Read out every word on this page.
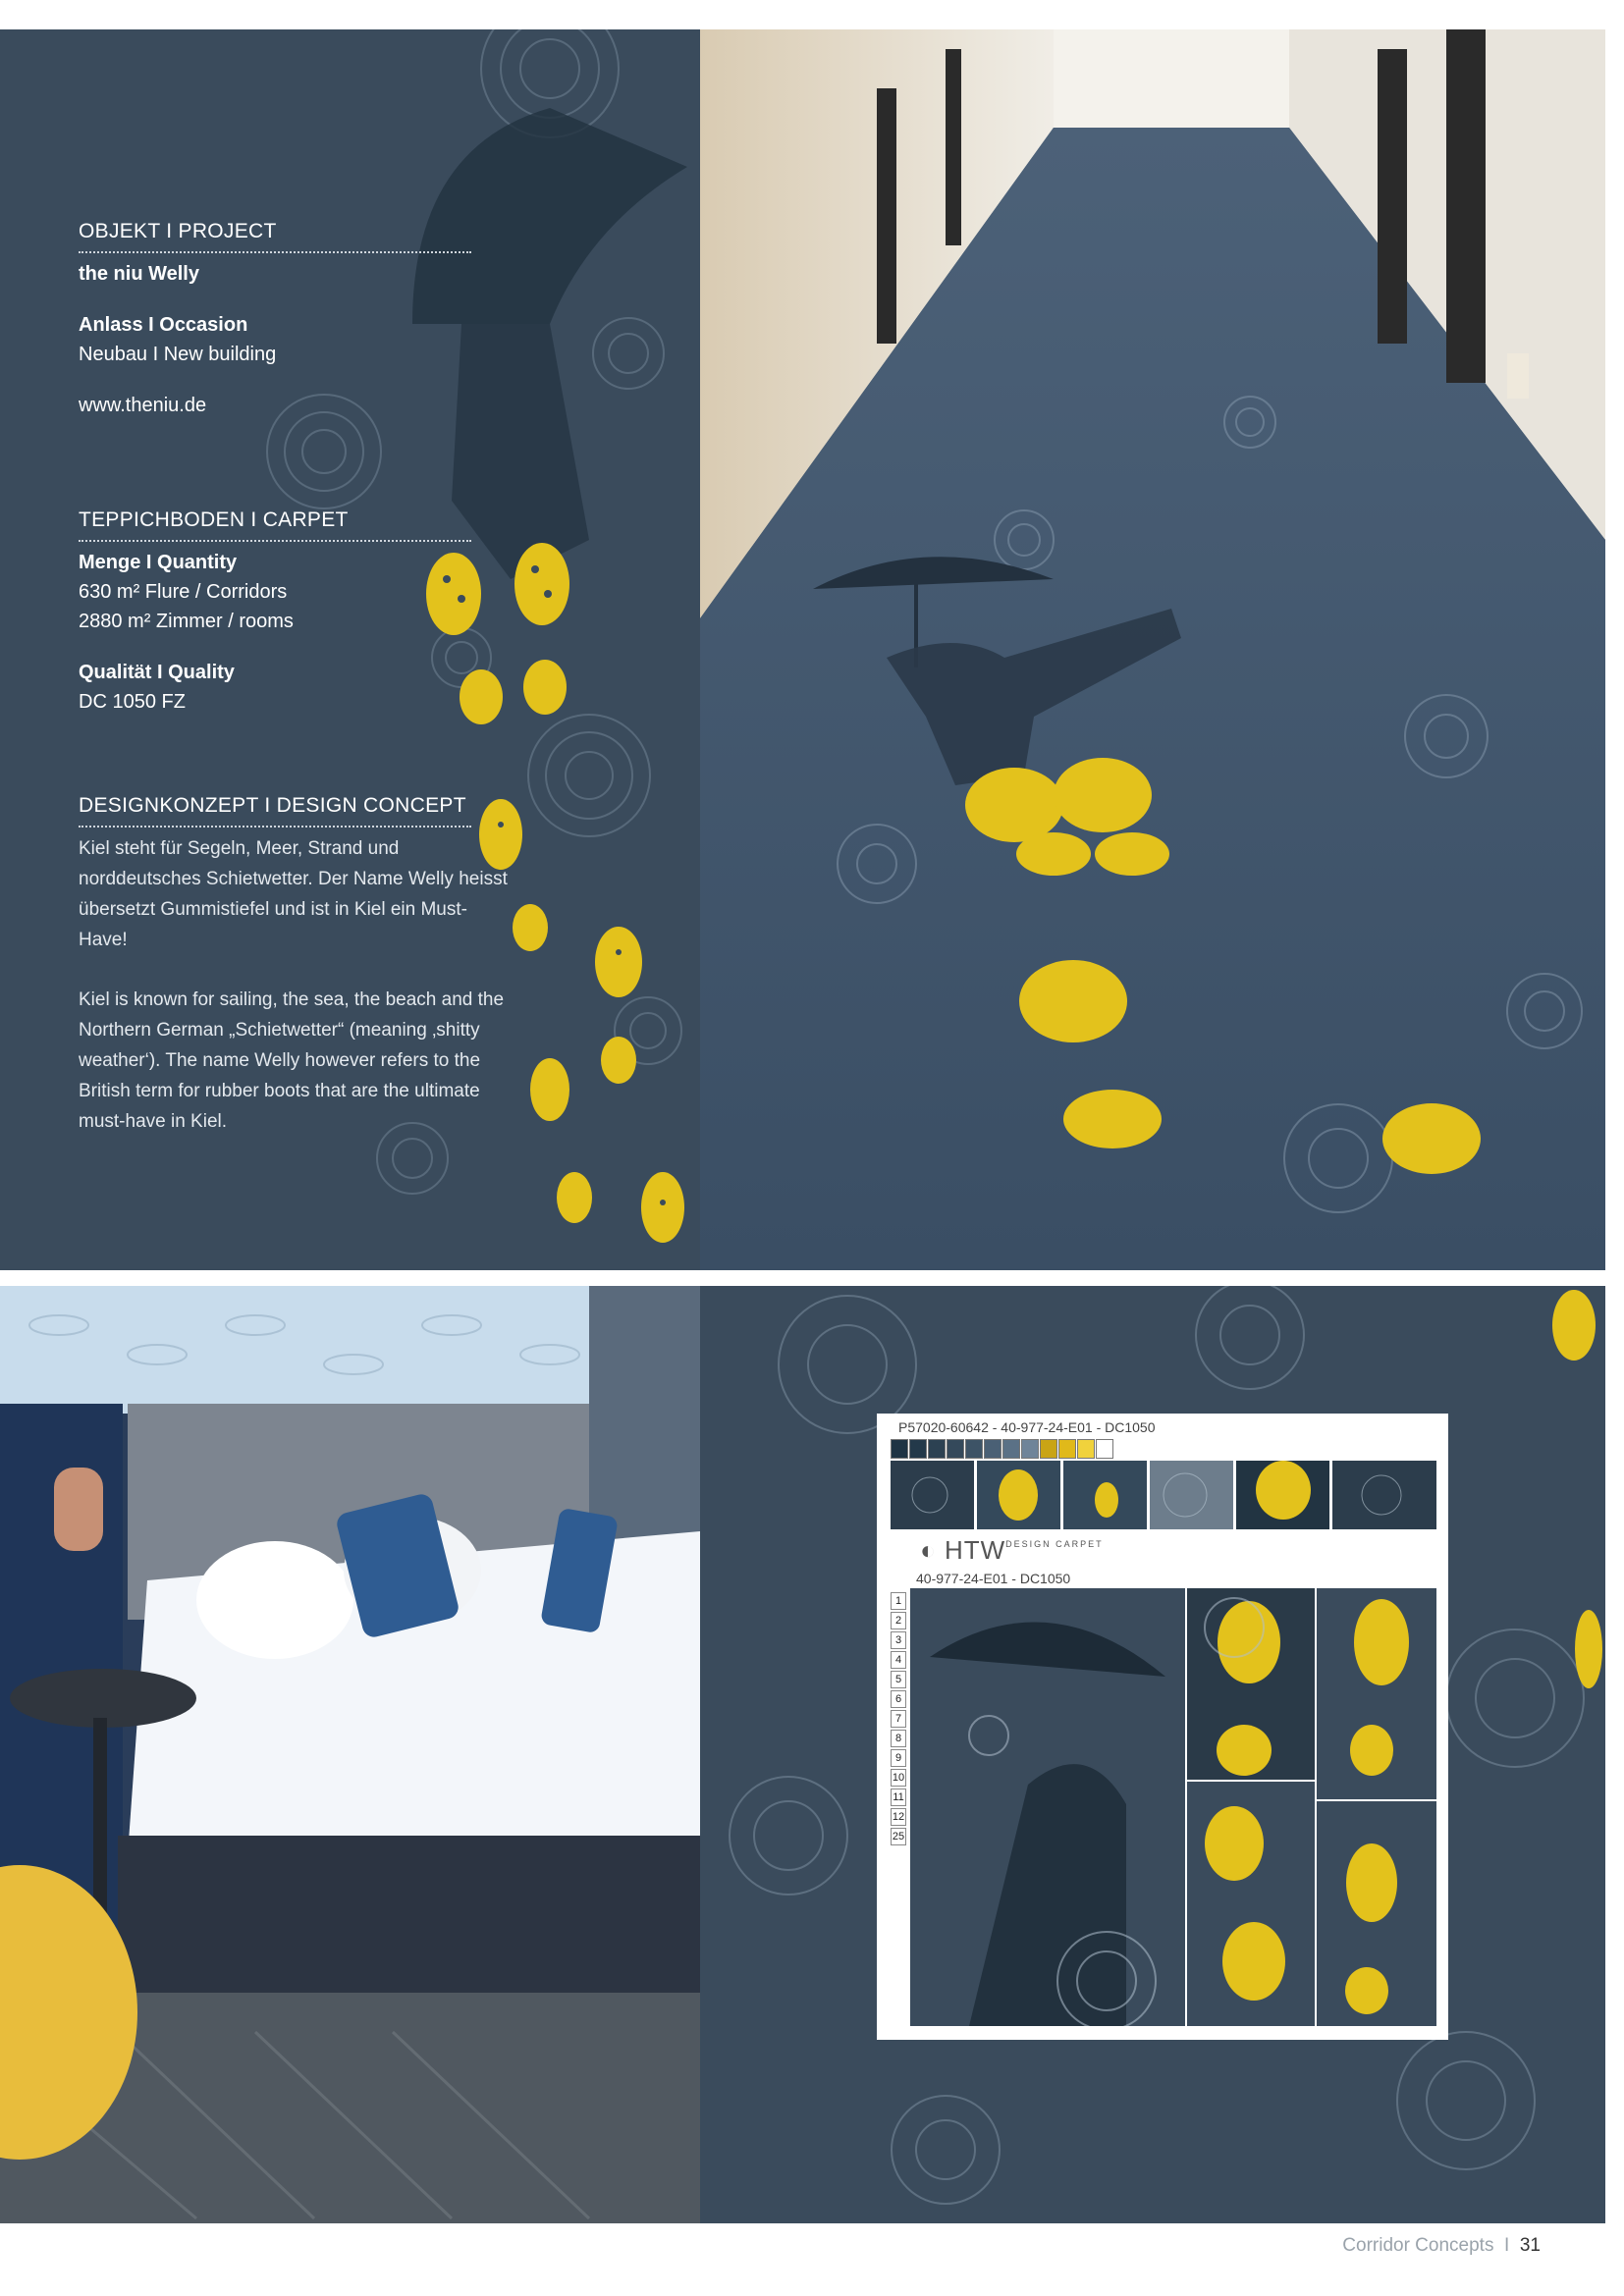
OBJEKT I PROJECT
the niu Welly
Anlass I Occasion
Neubau I New building
www.theniu.de
TEPPICHBODEN I CARPET
Menge I Quantity
630 m² Flure / Corridors
2880 m² Zimmer / rooms
Qualität I Quality
DC 1050 FZ
DESIGNKONZEPT I DESIGN CONCEPT
Kiel steht für Segeln, Meer, Strand und norddeutsches Schietwetter. Der Name Welly heisst übersetzt Gummistiefel und ist in Kiel ein Must-Have!
Kiel is known for sailing, the sea, the beach and the Northern German „Schietwetter“ (meaning ‚shitty weather‘). The name Welly however refers to the British term for rubber boots that are the ultimate must-have in Kiel.
P57020-60642 - 40-977-24-E01 - DC1050
◐ HTWDESIGN CARPET
40-977-24-E01 - DC1050
1
2
3
4
5
6
7
8
9
10
11
12
25
Corridor Concepts I 31
